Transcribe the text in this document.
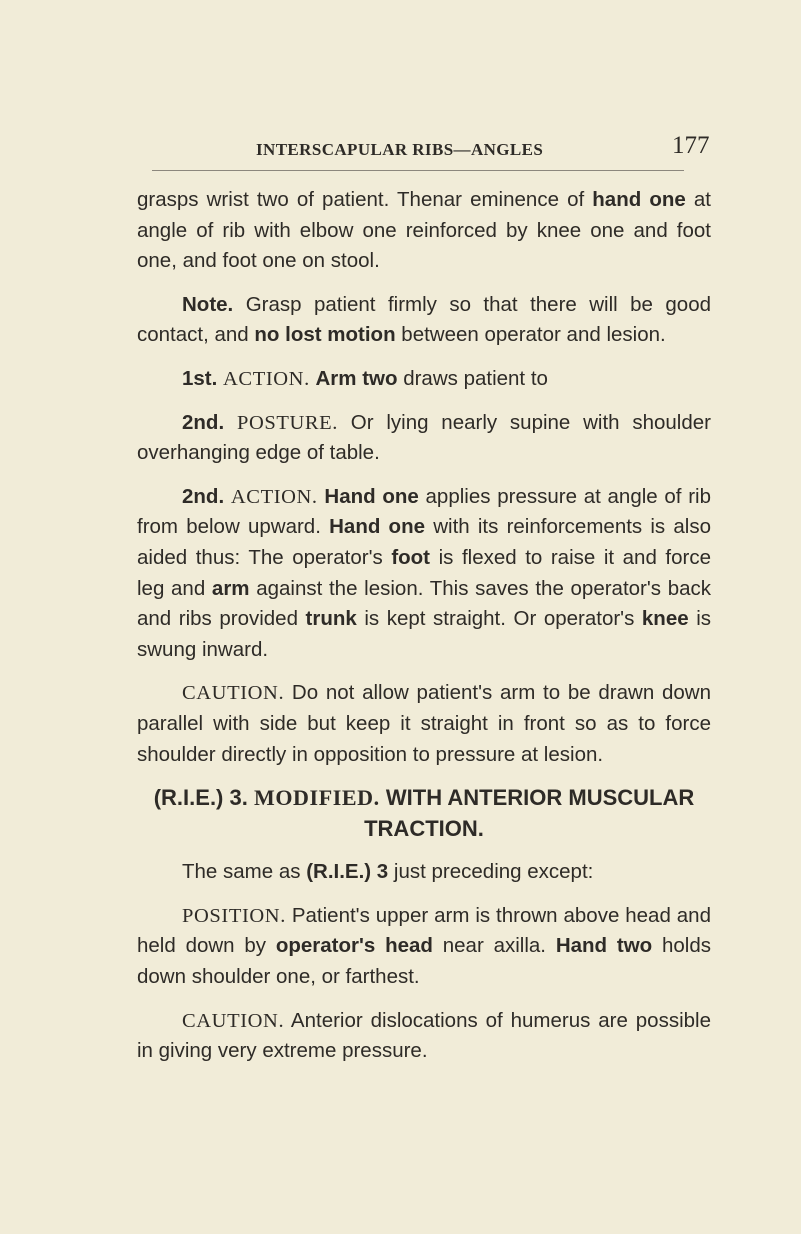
INTERSCAPULAR RIBS—ANGLES	177

grasps wrist two of patient. Thenar eminence of hand one at angle of rib with elbow one reinforced by knee one and foot one, and foot one on stool.

Note. Grasp patient firmly so that there will be good contact, and no lost motion between operator and lesion.

1st. ACTION. Arm two draws patient to

2nd. POSTURE. Or lying nearly supine with shoulder overhanging edge of table.

2nd. ACTION. Hand one applies pressure at angle of rib from below upward. Hand one with its reinforcements is also aided thus: The operator's foot is flexed to raise it and force leg and arm against the lesion. This saves the operator's back and ribs provided trunk is kept straight. Or operator's knee is swung inward.

CAUTION. Do not allow patient's arm to be drawn down parallel with side but keep it straight in front so as to force shoulder directly in opposition to pressure at lesion.

(R.I.E.) 3. MODIFIED. WITH ANTERIOR MUSCULAR TRACTION.

The same as (R.I.E.) 3 just preceding except:

POSITION. Patient's upper arm is thrown above head and held down by operator's head near axilla. Hand two holds down shoulder one, or farthest.

CAUTION. Anterior dislocations of humerus are possible in giving very extreme pressure.
